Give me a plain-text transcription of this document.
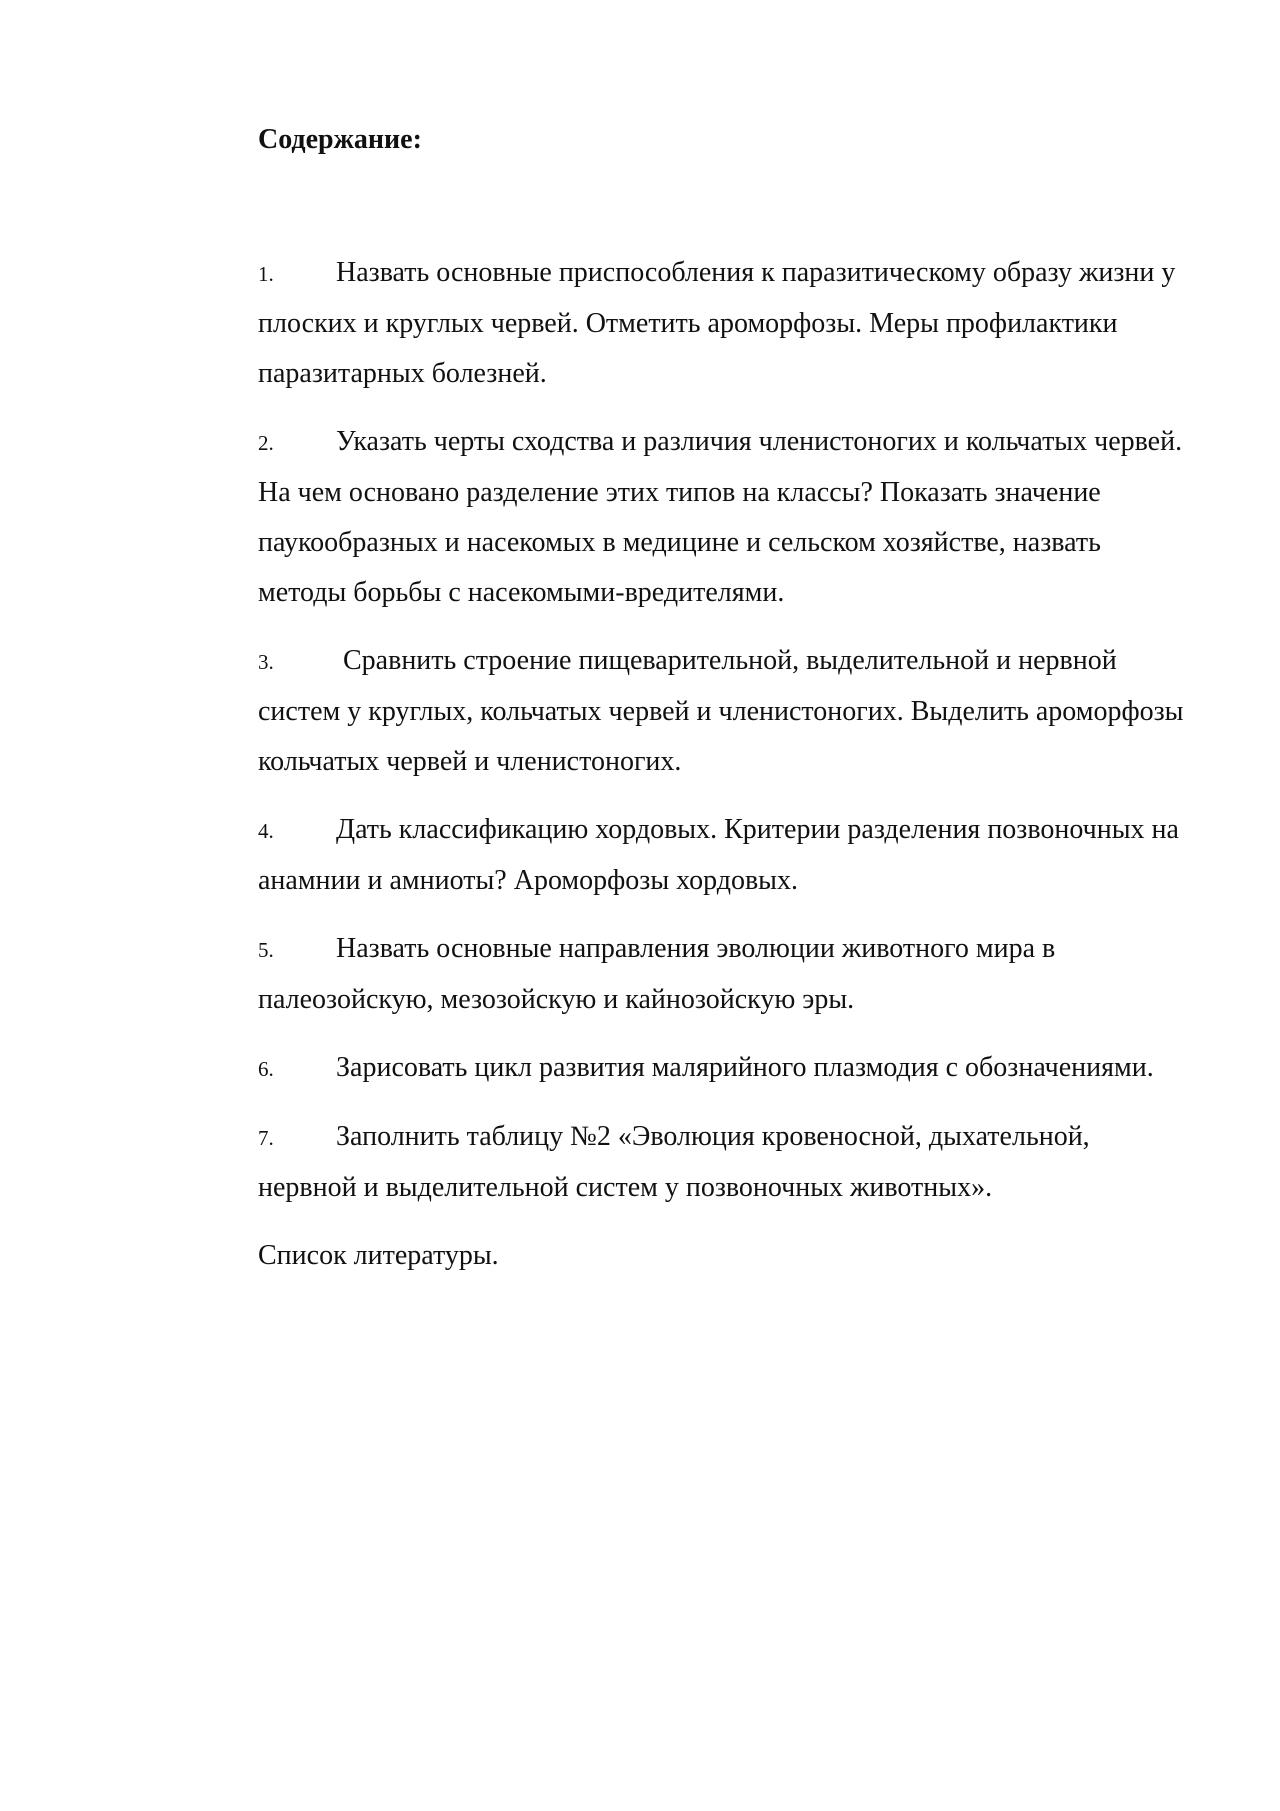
Содержание:
1. Назвать основные приспособления к паразитическому образу жизни у плоских и круглых червей. Отметить ароморфозы. Меры профилактики паразитарных болезней.
2. Указать черты сходства и различия членистоногих и кольчатых червей. На чем основано разделение этих типов на классы? Показать значение паукообразных и насекомых в медицине и сельском хозяйстве, назвать методы борьбы с насекомыми-вредителями.
3. Сравнить строение пищеварительной, выделительной и нервной систем у круглых, кольчатых червей и членистоногих. Выделить ароморфозы кольчатых червей и членистоногих.
4. Дать классификацию хордовых. Критерии разделения позвоночных на анамнии и амниоты? Ароморфозы хордовых.
5. Назвать основные направления эволюции животного мира в палеозойскую, мезозойскую и кайнозойскую эры.
6. Зарисовать цикл развития малярийного плазмодия с обозначениями.
7. Заполнить таблицу №2 «Эволюция кровеносной, дыхательной, нервной и выделительной систем у позвоночных животных».

Список литературы.
